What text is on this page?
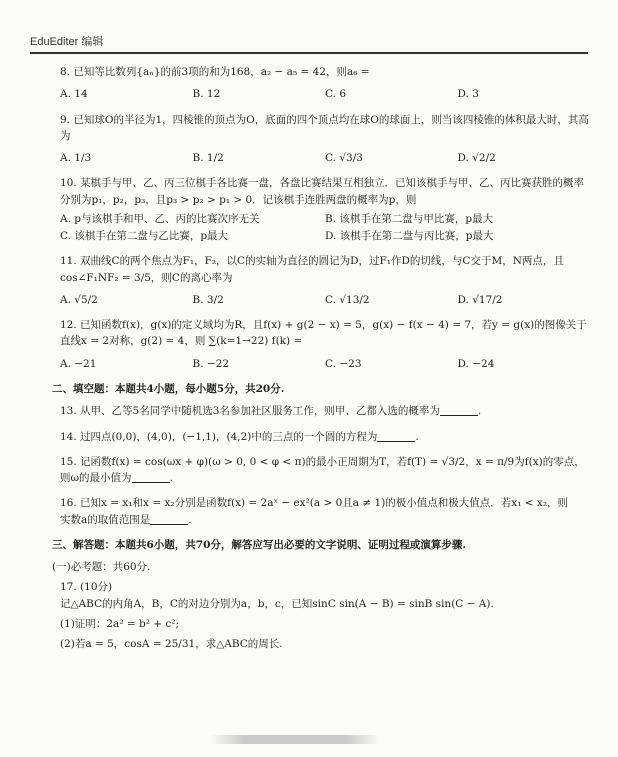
EduEditer 编辑

8. 已知等比数列{aₙ}的前3项的和为168，a₂ − a₅ = 42，则a₆ =

A. 14	B. 12	C. 6	D. 3

9. 已知球O的半径为1，四棱锥的顶点为O，底面的四个顶点均在球O的球面上，则当该四棱锥的体积最大时，其高为

A. 1/3	B. 1/2	C. √3/3	D. √2/2

10. 某棋手与甲、乙、丙三位棋手各比赛一盘，各盘比赛结果互相独立．已知该棋手与甲、乙、丙比赛获胜的概率分别为p₁，p₂，p₃，且p₃ > p₂ > p₁ > 0．记该棋手连胜两盘的概率为p，则

A. p与该棋手和甲、乙、丙的比赛次序无关	B. 该棋手在第二盘与甲比赛，p最大
C. 该棋手在第二盘与乙比赛，p最大	D. 该棋手在第二盘与丙比赛，p最大

11. 双曲线C的两个焦点为F₁，F₂，以C的实轴为直径的圆记为D，过F₁作D的切线，与C交于M，N两点，且cos∠F₁NF₂ = 3/5，则C的离心率为

A. √5/2	B. 3/2	C. √13/2	D. √17/2

12. 已知函数f(x)，g(x)的定义域均为R，且f(x) + g(2 − x) = 5，g(x) − f(x − 4) = 7，若y = g(x)的图像关于直线x = 2对称，g(2) = 4，则 ∑(k=1→22) f(k) =

A. −21	B. −22	C. −23	D. −24
二、填空题：本题共4小题，每小题5分，共20分.
13. 从甲、乙等5名同学中随机选3名参加社区服务工作，则甲、乙都入选的概率为	.
14. 过四点(0,0)，(4,0)，(−1,1)，(4,2)中的三点的一个圆的方程为	.

15. 记函数f(x) = cos(ωx + φ)(ω > 0, 0 < φ < π)的最小正周期为T，若f(T) = √3/2，x = π/9为f(x)的零点，

则ω的最小值为	.

16. 已知x = x₁和x = x₂分别是函数f(x) = 2aˣ − ex²(a > 0且a ≠ 1)的极小值点和极大值点．若x₁ < x₂，则

实数a的取值范围是	.

三、解答题：本题共6小题，共70分，解答应写出必要的文字说明、证明过程或演算步骤.
(一)必考题：共60分.

17. (10分)

记△ABC的内角A，B，C的对边分别为a，b，c，已知sinC sin(A − B) = sinB sin(C − A).

(1)证明：2a² = b² + c²;

(2)若a = 5，cosA = 25/31，求△ABC的周长.
